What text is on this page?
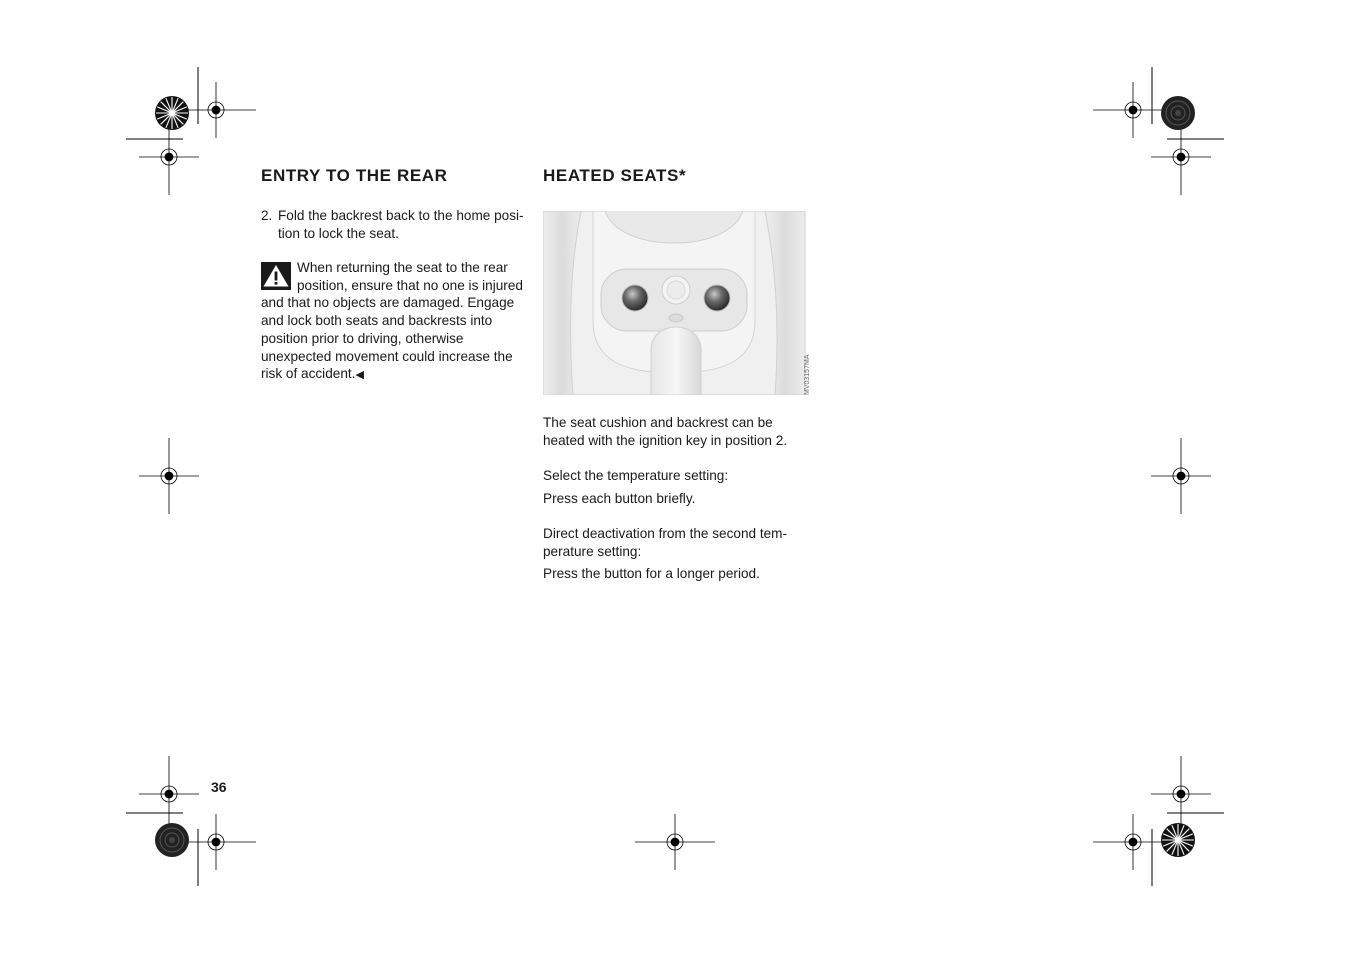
ENTRY TO THE REAR
2. Fold the backrest back to the home position to lock the seat.
When returning the seat to the rear position, ensure that no one is injured and that no objects are damaged. Engage and lock both seats and backrests into position prior to driving, otherwise unexpected movement could increase the risk of accident.◀
HEATED SEATS*
MV03157MA

The seat cushion and backrest can be heated with the ignition key in position 2.

Select the temperature setting:

Press each button briefly.

Direct deactivation from the second temperature setting:

Press the button for a longer period.

36
